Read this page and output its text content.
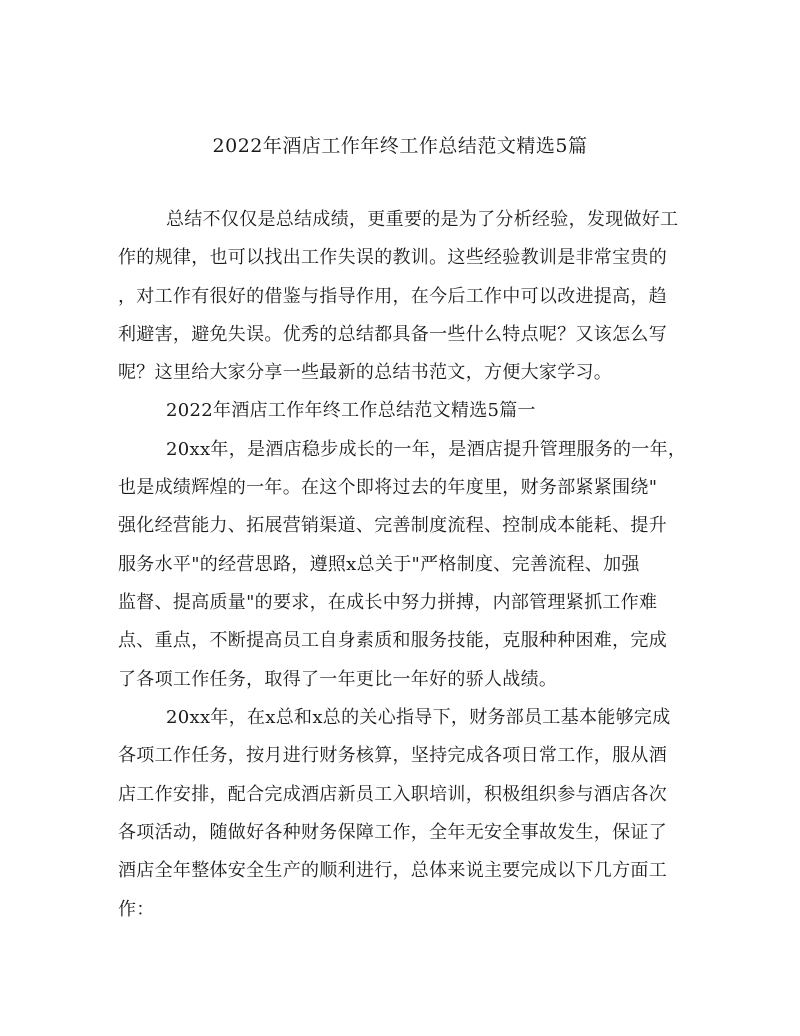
2022年酒店工作年终工作总结范文精选5篇
总结不仅仅是总结成绩，更重要的是为了分析经验，发现做好工
作的规律，也可以找出工作失误的教训。这些经验教训是非常宝贵的
，对工作有很好的借鉴与指导作用，在今后工作中可以改进提高，趋
利避害，避免失误。优秀的总结都具备一些什么特点呢？又该怎么写
呢？这里给大家分享一些最新的总结书范文，方便大家学习。
2022年酒店工作年终工作总结范文精选5篇一
20xx年，是酒店稳步成长的一年，是酒店提升管理服务的一年，
也是成绩辉煌的一年。在这个即将过去的年度里，财务部紧紧围绕"
强化经营能力、拓展营销渠道、完善制度流程、控制成本能耗、提升
服务水平"的经营思路，遵照x总关于"严格制度、完善流程、加强
监督、提高质量"的要求，在成长中努力拼搏，内部管理紧抓工作难
点、重点，不断提高员工自身素质和服务技能，克服种种困难，完成
了各项工作任务，取得了一年更比一年好的骄人战绩。
20xx年，在x总和x总的关心指导下，财务部员工基本能够完成
各项工作任务，按月进行财务核算，坚持完成各项日常工作，服从酒
店工作安排，配合完成酒店新员工入职培训，积极组织参与酒店各次
各项活动，随做好各种财务保障工作，全年无安全事故发生，保证了
酒店全年整体安全生产的顺利进行，总体来说主要完成以下几方面工
作：
